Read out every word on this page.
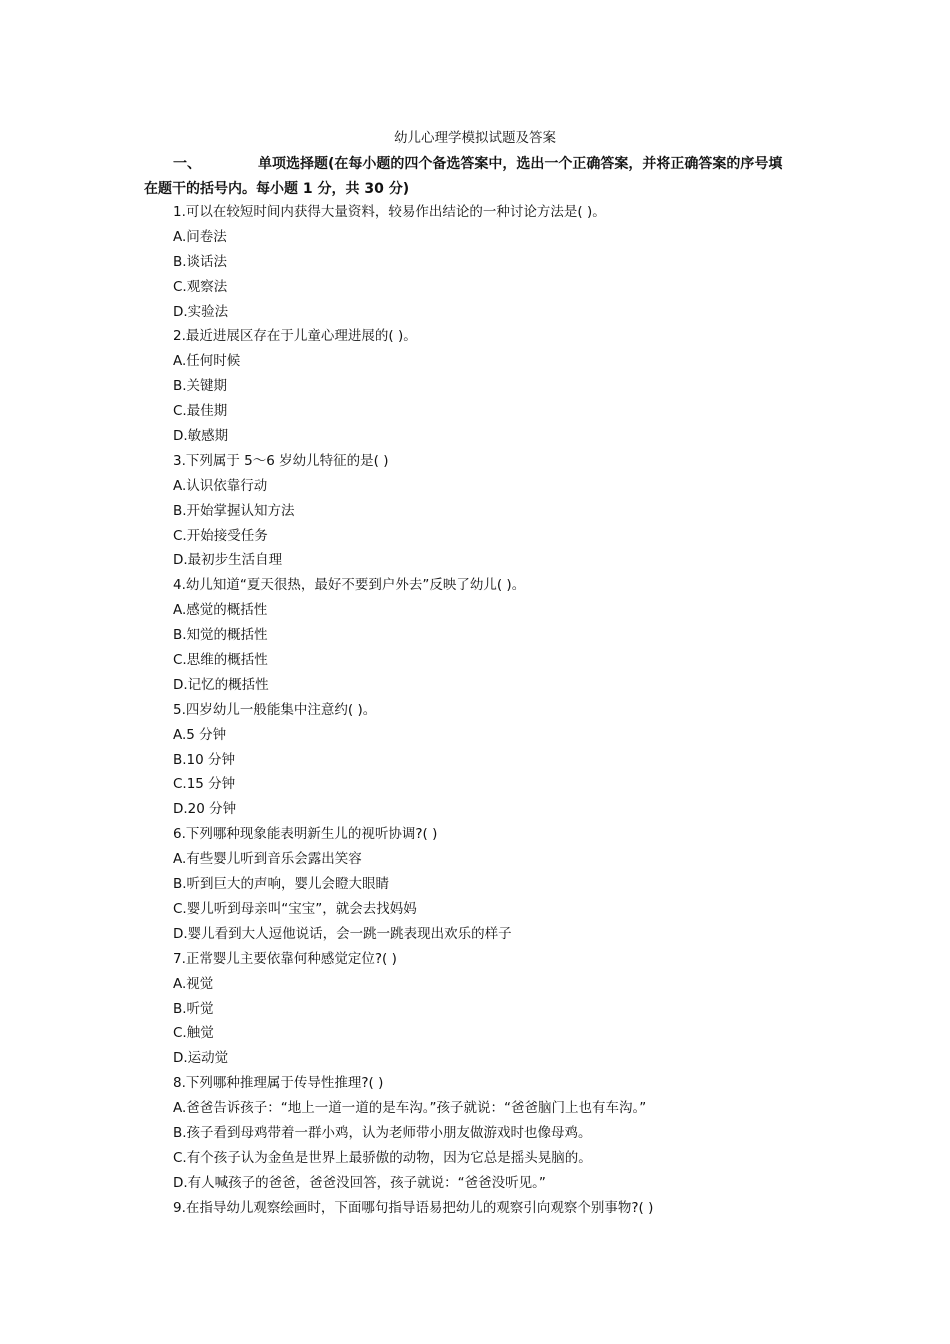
幼儿心理学模拟试题及答案
一、	单项选择题(在每小题的四个备选答案中，选出一个正确答案，并将正确答案的序号填
在题干的括号内。每小题 1 分，共 30 分)
1.可以在较短时间内获得大量资料，较易作出结论的一种讨论方法是( )。
A.问卷法
B.谈话法
C.观察法
D.实验法
2.最近进展区存在于儿童心理进展的( )。
A.任何时候
B.关键期
C.最佳期
D.敏感期
3.下列属于 5～6 岁幼儿特征的是( )
A.认识依靠行动
B.开始掌握认知方法
C.开始接受任务
D.最初步生活自理
4.幼儿知道“夏天很热，最好不要到户外去”反映了幼儿( )。
A.感觉的概括性
B.知觉的概括性
C.思维的概括性
D.记忆的概括性
5.四岁幼儿一般能集中注意约( )。
A.5 分钟
B.10 分钟
C.15 分钟
D.20 分钟
6.下列哪种现象能表明新生儿的视听协调?( )
A.有些婴儿听到音乐会露出笑容
B.听到巨大的声响，婴儿会瞪大眼睛
C.婴儿听到母亲叫“宝宝”，就会去找妈妈
D.婴儿看到大人逗他说话，会一跳一跳表现出欢乐的样子
7.正常婴儿主要依靠何种感觉定位?( )
A.视觉
B.听觉
C.触觉
D.运动觉
8.下列哪种推理属于传导性推理?( )
A.爸爸告诉孩子：“地上一道一道的是车沟。”孩子就说：“爸爸脑门上也有车沟。”
B.孩子看到母鸡带着一群小鸡，认为老师带小朋友做游戏时也像母鸡。
C.有个孩子认为金鱼是世界上最骄傲的动物，因为它总是摇头晃脑的。
D.有人喊孩子的爸爸，爸爸没回答，孩子就说：“爸爸没听见。”
9.在指导幼儿观察绘画时，下面哪句指导语易把幼儿的观察引向观察个别事物?( )
